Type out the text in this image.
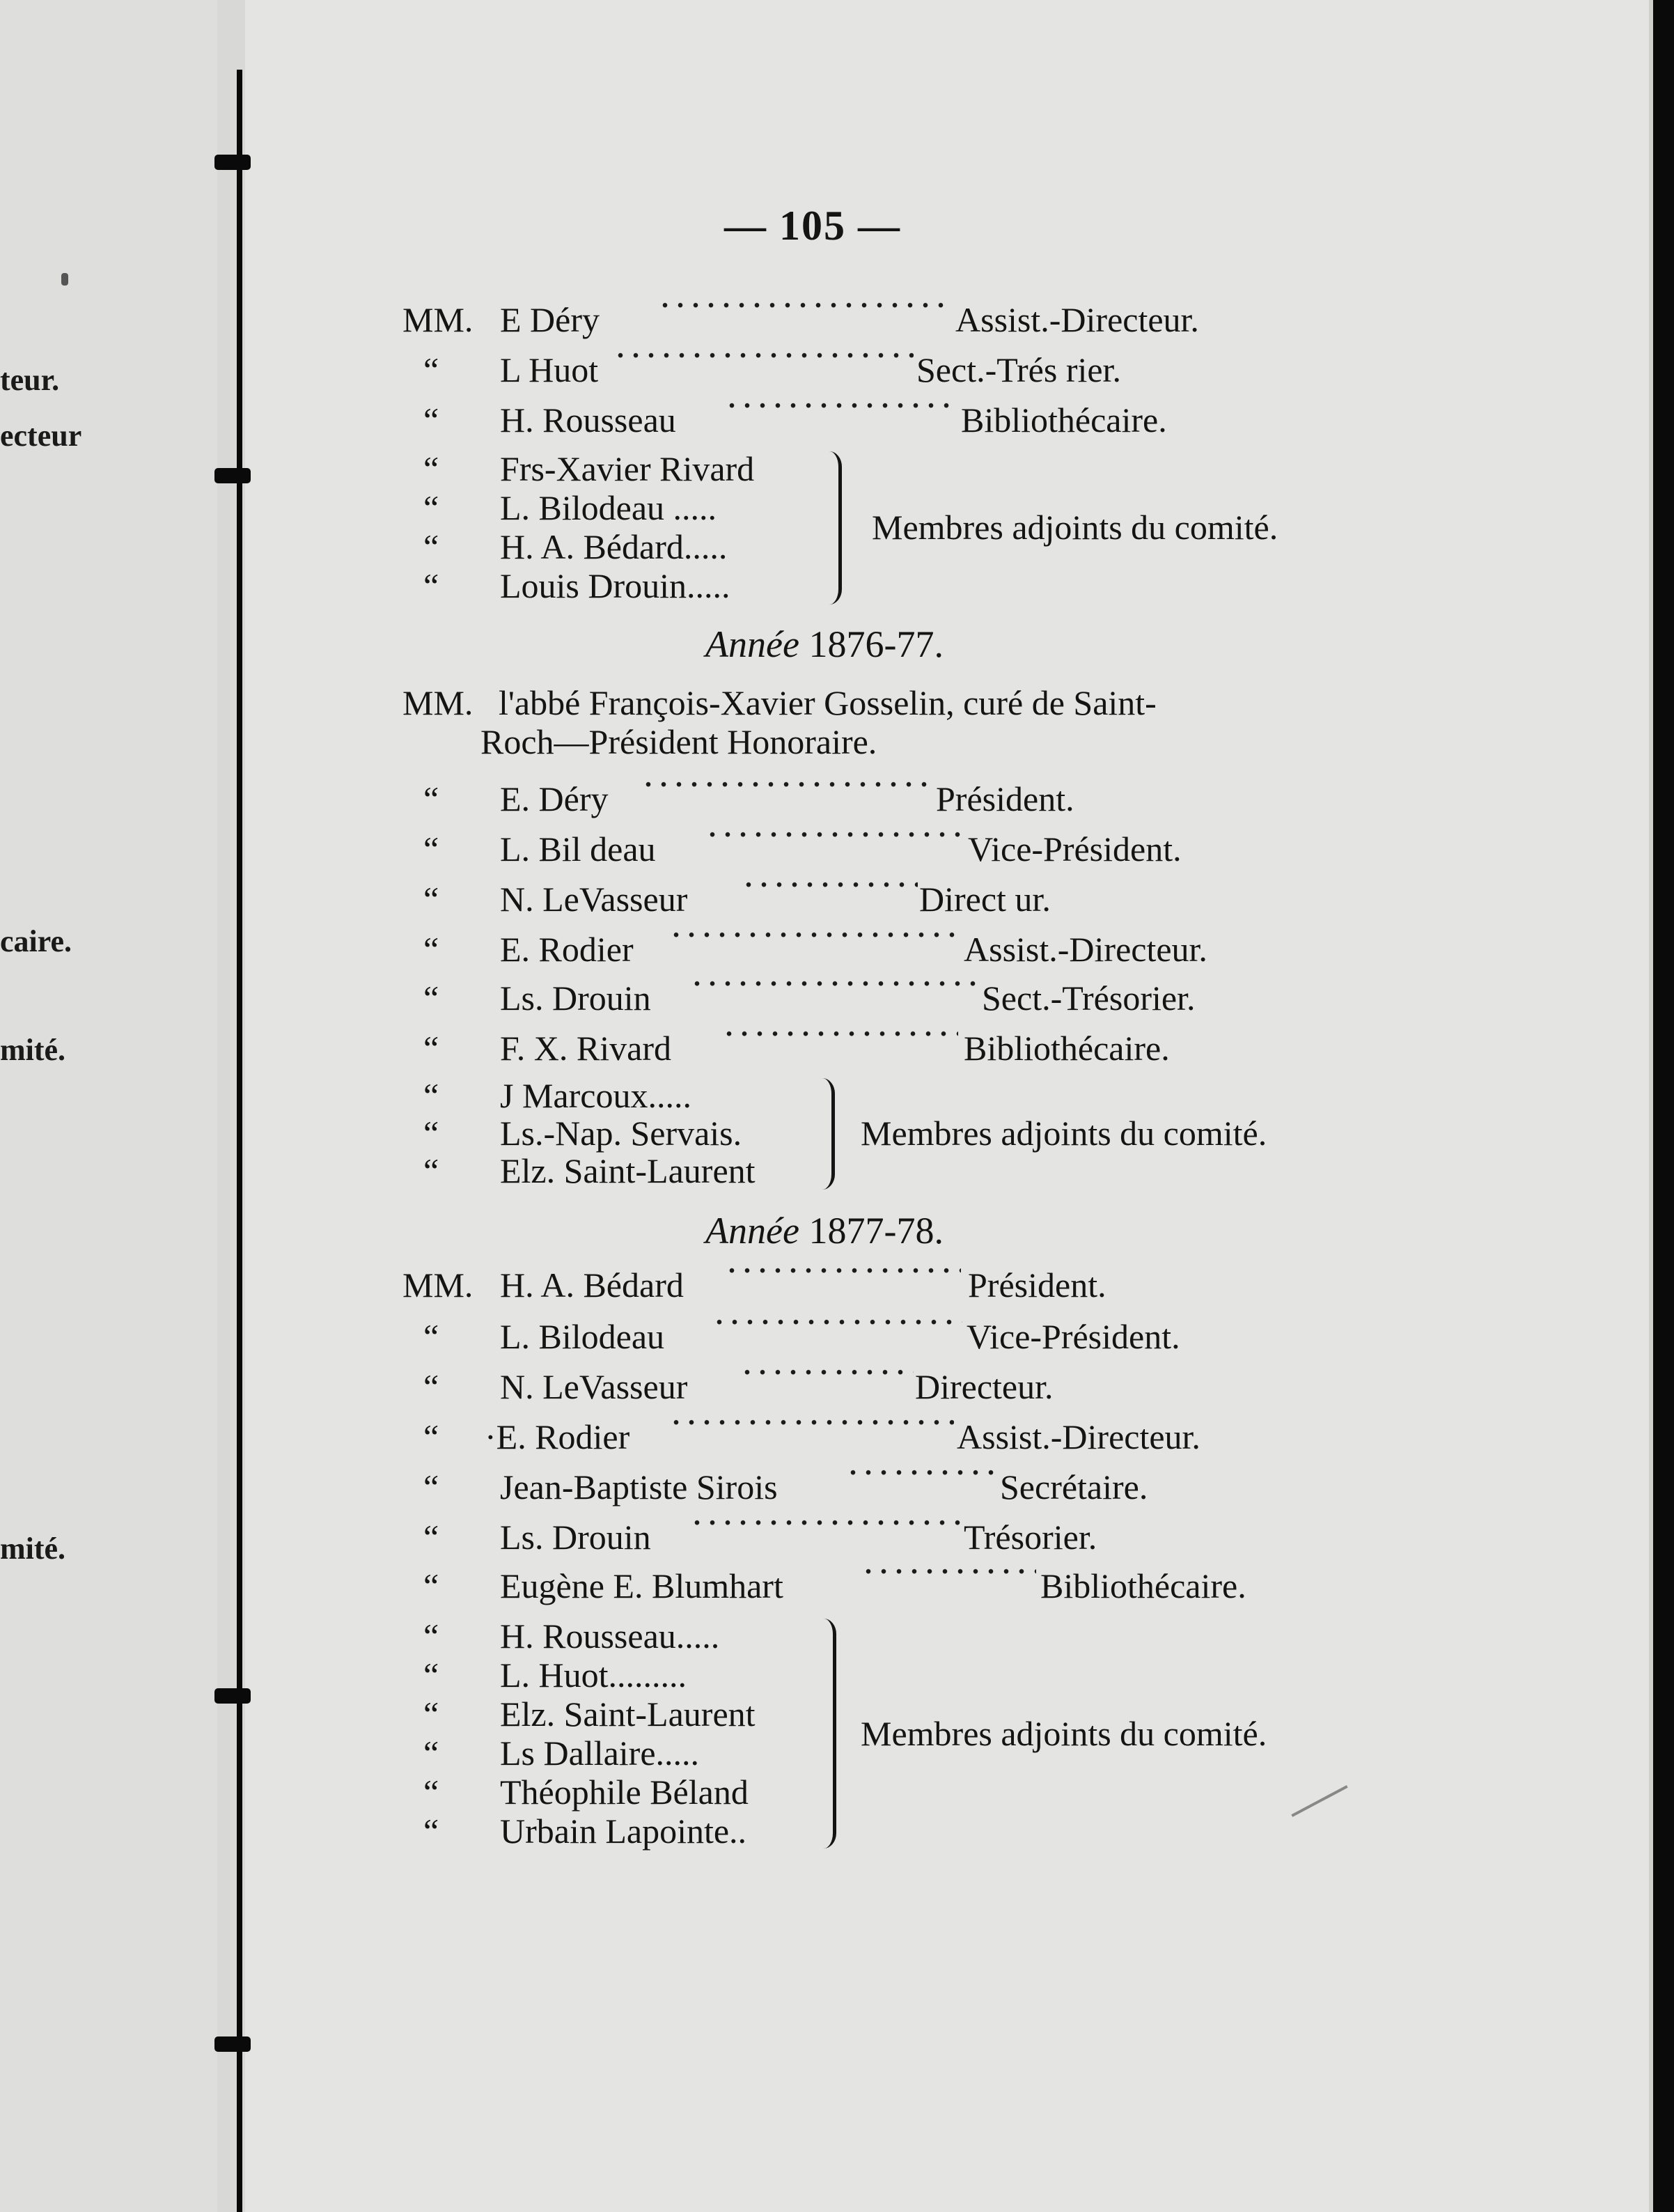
teur.
ecteur
caire.
mité.
mité.
— 105 —
MM. E Déry	Assist.-Directeur.
“ L Huot	Sect.-Trés rier.
“ H. Rousseau	Bibliothécaire.
“ Frs-Xavier Rivard
“ L. Bilodeau .....
“ H. A. Bédard.....
“ Louis Drouin.....
Membres adjoints du comité.
Année 1876-77.
MM. l'abbé François-Xavier Gosselin, curé de Saint-
Roch—Président Honoraire.
“ E. Déry	Président.
“ L. Bil deau	Vice-Président.
“ N. LeVasseur	Direct ur.
“ E. Rodier	Assist.-Directeur.
“ Ls. Drouin	Sect.-Trésorier.
“ F. X. Rivard	Bibliothécaire.
“ J Marcoux.....
“ Ls.-Nap. Servais.
“ Elz. Saint-Laurent
Membres adjoints du comité.
Année 1877-78.
MM. H. A. Bédard	Président.
“ L. Bilodeau	Vice-Président.
“ N. LeVasseur	Directeur.
“ ·E. Rodier	Assist.-Directeur.
“ Jean-Baptiste Sirois	Secrétaire.
“ Ls. Drouin	Trésorier.
“ Eugène E. Blumhart	Bibliothécaire.
“ H. Rousseau.....
“ L. Huot.........
“ Elz. Saint-Laurent
“ Ls Dallaire.....
“ Théophile Béland
“ Urbain Lapointe..
Membres adjoints du comité.
